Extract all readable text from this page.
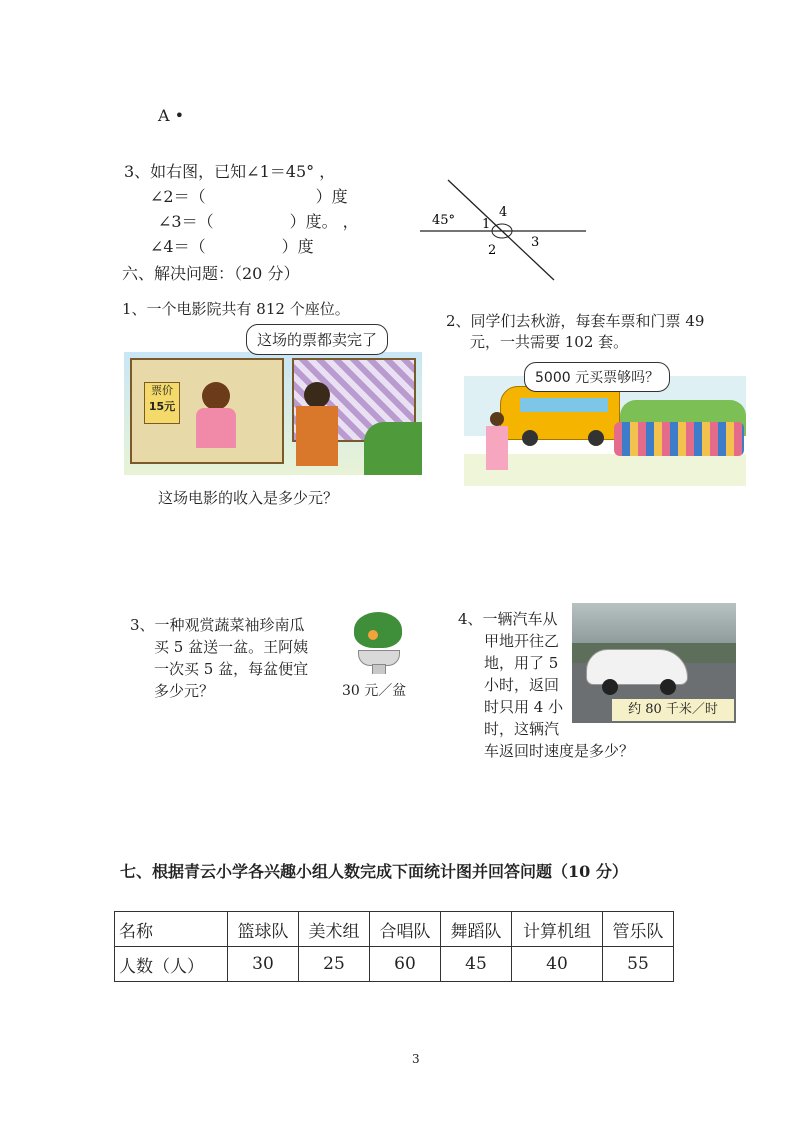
A •
3、如右图，已知∠1＝45° ，
∠2＝（	）度
∠3＝（	）度。 ，
∠4＝（	）度
45° 1
4
2
3
六、解决问题：（20 分）
1、一个电影院共有 812 个座位。
票价
15元
这场的票都卖完了
这场电影的收入是多少元？
2、同学们去秋游，每套车票和门票 49
元，一共需要 102 套。
5000 元买票够吗？
3、一种观赏蔬菜袖珍南瓜
买 5 盆送一盆。王阿姨
一次买 5 盆，每盆便宜
多少元？	30 元／盆
4、一辆汽车从
甲地开往乙
地，用了 5
小时，返回
时只用 4 小
时，这辆汽
车返回时速度是多少？
约 80 千米／时
七、根据青云小学各兴趣小组人数完成下面统计图并回答问题（10 分）
名称	篮球队	美术组	合唱队	舞蹈队	计算机组	管乐队
人数（人）	30	25	60	45	40	55
3
